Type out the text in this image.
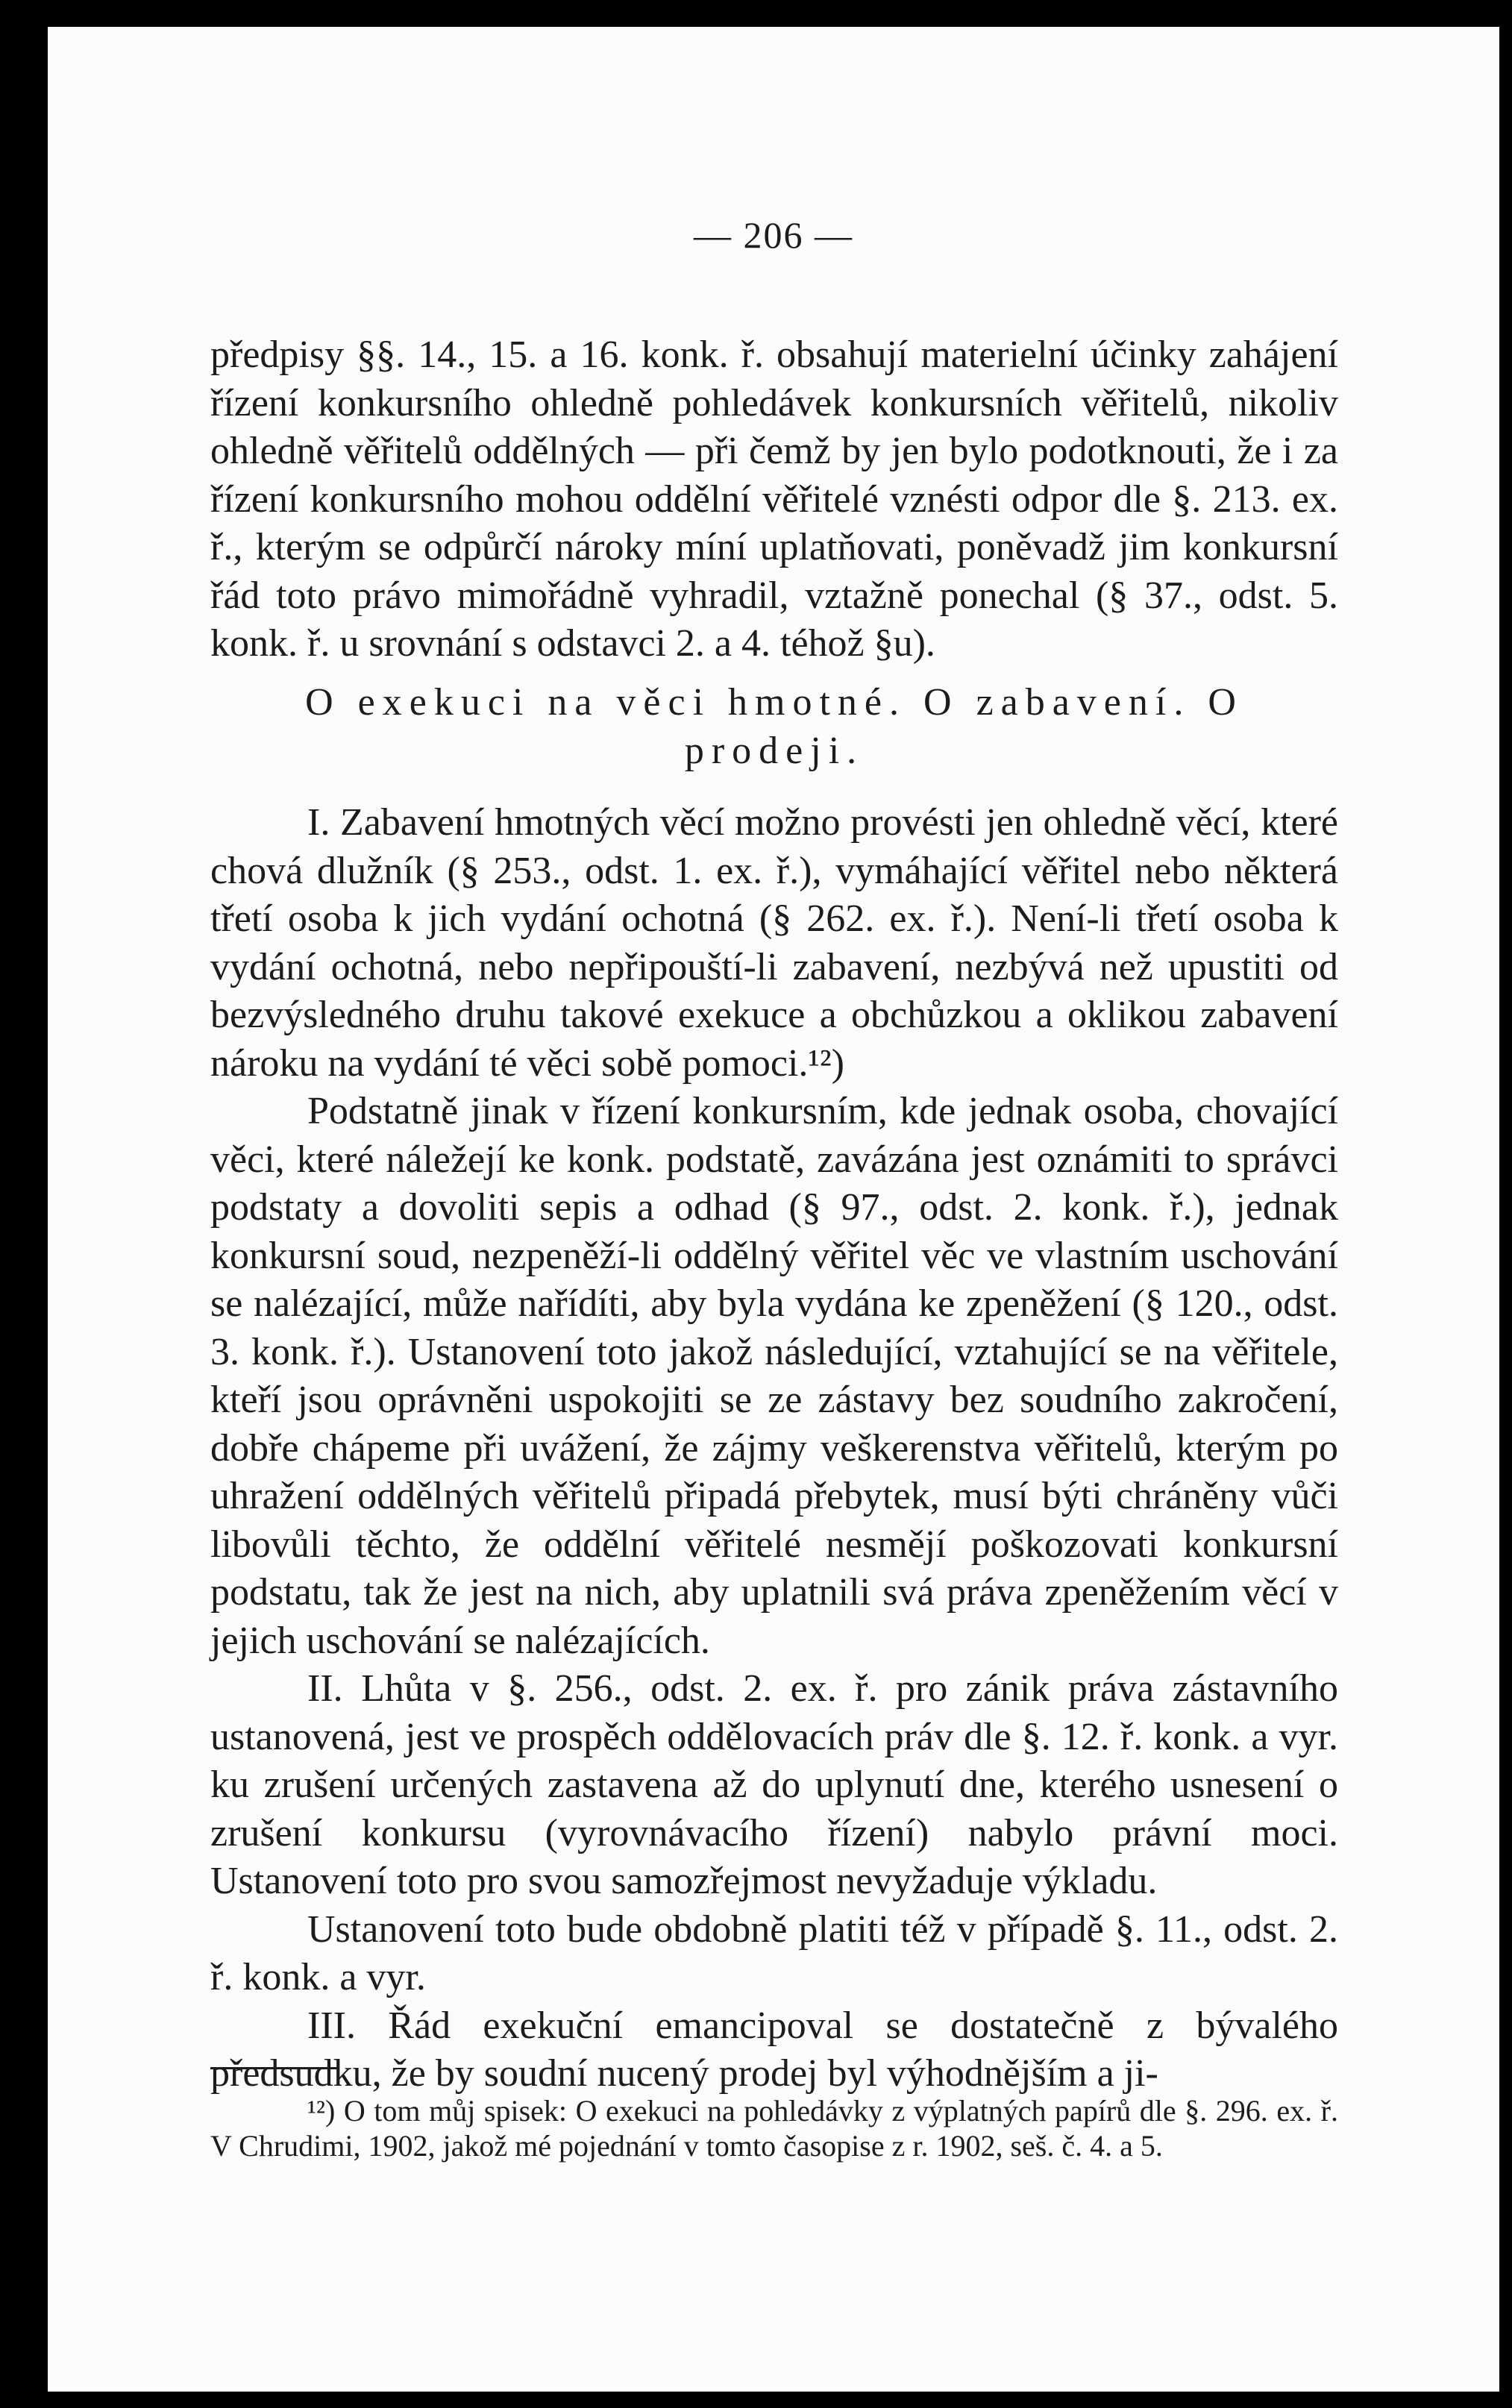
— 206 —

předpisy §§. 14., 15. a 16. konk. ř. obsahují materielní účinky zahájení řízení konkursního ohledně pohledávek konkursních věřitelů, nikoliv ohledně věřitelů oddělných — při čemž by jen bylo podotknouti, že i za řízení konkursního mohou oddělní věřitelé vznésti odpor dle §. 213. ex. ř., kterým se odpůrčí nároky míní uplatňovati, poněvadž jim konkursní řád toto právo mimořádně vyhradil, vztažně ponechal (§ 37., odst. 5. konk. ř. u srovnání s odstavci 2. a 4. téhož §u).

O exekuci na věci hmotné. O zabavení. O prodeji.

I. Zabavení hmotných věcí možno provésti jen ohledně věcí, které chová dlužník (§ 253., odst. 1. ex. ř.), vymáhající věřitel nebo některá třetí osoba k jich vydání ochotná (§ 262. ex. ř.). Není-li třetí osoba k vydání ochotná, nebo nepřipouští-li zabavení, nezbývá než upustiti od bezvýsledného druhu takové exekuce a obchůzkou a oklikou zabavení nároku na vydání té věci sobě pomoci.¹²)

Podstatně jinak v řízení konkursním, kde jednak osoba, chovající věci, které náležejí ke konk. podstatě, zavázána jest oznámiti to správci podstaty a dovoliti sepis a odhad (§ 97., odst. 2. konk. ř.), jednak konkursní soud, nezpeněží-li oddělný věřitel věc ve vlastním uschování se nalézající, může nařídíti, aby byla vydána ke zpeněžení (§ 120., odst. 3. konk. ř.). Ustanovení toto jakož následující, vztahující se na věřitele, kteří jsou oprávněni uspokojiti se ze zástavy bez soudního zakročení, dobře chápeme při uvážení, že zájmy veškerenstva věřitelů, kterým po uhražení oddělných věřitelů připadá přebytek, musí býti chráněny vůči libovůli těchto, že oddělní věřitelé nesmějí poškozovati konkursní podstatu, tak že jest na nich, aby uplatnili svá práva zpeněžením věcí v jejich uschování se nalézajících.

II. Lhůta v §. 256., odst. 2. ex. ř. pro zánik práva zástavního ustanovená, jest ve prospěch oddělovacích práv dle §. 12. ř. konk. a vyr. ku zrušení určených zastavena až do uplynutí dne, kterého usnesení o zrušení konkursu (vyrovnávacího řízení) nabylo právní moci. Ustanovení toto pro svou samozřejmost nevyžaduje výkladu.

Ustanovení toto bude obdobně platiti též v případě §. 11., odst. 2. ř. konk. a vyr.

III. Řád exekuční emancipoval se dostatečně z bývalého předsudku, že by soudní nucený prodej byl výhodnějším a ji-

¹²) O tom můj spisek: O exekuci na pohledávky z výplatných papírů dle §. 296. ex. ř. V Chrudimi, 1902, jakož mé pojednání v tomto časopise z r. 1902, seš. č. 4. a 5.
